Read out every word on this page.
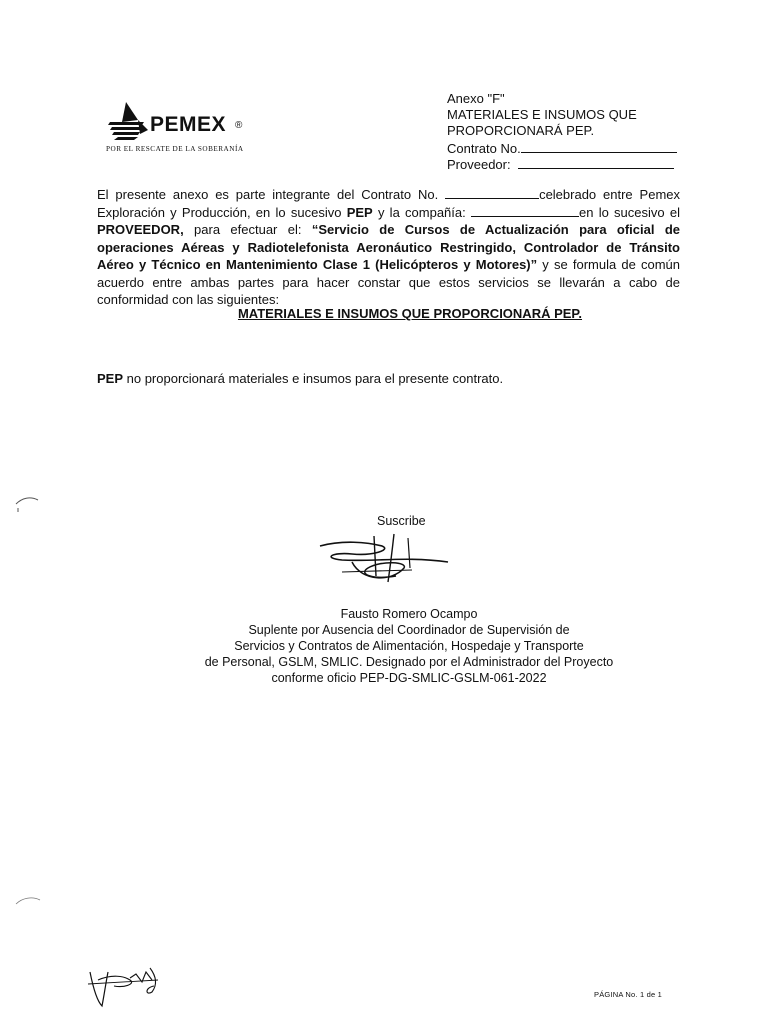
PEMEX ®
POR EL RESCATE DE LA SOBERANÍA
Anexo "F"
MATERIALES E INSUMOS QUE
PROPORCIONARÁ PEP.
Contrato No.
Proveedor:
El presente anexo es parte integrante del Contrato No.	celebrado entre Pemex Exploración y Producción, en lo sucesivo PEP y la compañía:	en lo sucesivo el PROVEEDOR, para efectuar el: “Servicio de Cursos de Actualización para oficial de operaciones Aéreas y Radiotelefonista Aeronáutico Restringido, Controlador de Tránsito Aéreo y Técnico en Mantenimiento Clase 1 (Helicópteros y Motores)” y se formula de común acuerdo entre ambas partes para hacer constar que estos servicios se llevarán a cabo de conformidad con las siguientes:
MATERIALES E INSUMOS QUE PROPORCIONARÁ PEP.
PEP no proporcionará materiales e insumos para el presente contrato.
Suscribe
Fausto Romero Ocampo
Suplente por Ausencia del Coordinador de Supervisión de
Servicios y Contratos de Alimentación, Hospedaje y Transporte
de Personal, GSLM, SMLIC. Designado por el Administrador del Proyecto
conforme oficio PEP-DG-SMLIC-GSLM-061-2022
PÁGINA No. 1 de 1
